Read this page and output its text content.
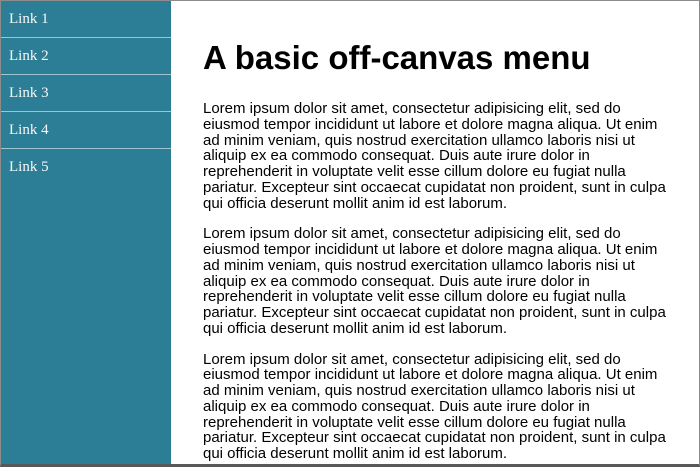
Link 1
Link 2
Link 3
Link 4
Link 5
A basic off-canvas menu

Lorem ipsum dolor sit amet, consectetur adipisicing elit, sed do eiusmod tempor incididunt ut labore et dolore magna aliqua. Ut enim ad minim veniam, quis nostrud exercitation ullamco laboris nisi ut aliquip ex ea commodo consequat. Duis aute irure dolor in reprehenderit in voluptate velit esse cillum dolore eu fugiat nulla pariatur. Excepteur sint occaecat cupidatat non proident, sunt in culpa qui officia deserunt mollit anim id est laborum.

Lorem ipsum dolor sit amet, consectetur adipisicing elit, sed do eiusmod tempor incididunt ut labore et dolore magna aliqua. Ut enim ad minim veniam, quis nostrud exercitation ullamco laboris nisi ut aliquip ex ea commodo consequat. Duis aute irure dolor in reprehenderit in voluptate velit esse cillum dolore eu fugiat nulla pariatur. Excepteur sint occaecat cupidatat non proident, sunt in culpa qui officia deserunt mollit anim id est laborum.

Lorem ipsum dolor sit amet, consectetur adipisicing elit, sed do eiusmod tempor incididunt ut labore et dolore magna aliqua. Ut enim ad minim veniam, quis nostrud exercitation ullamco laboris nisi ut aliquip ex ea commodo consequat. Duis aute irure dolor in reprehenderit in voluptate velit esse cillum dolore eu fugiat nulla pariatur. Excepteur sint occaecat cupidatat non proident, sunt in culpa qui officia deserunt mollit anim id est laborum.
